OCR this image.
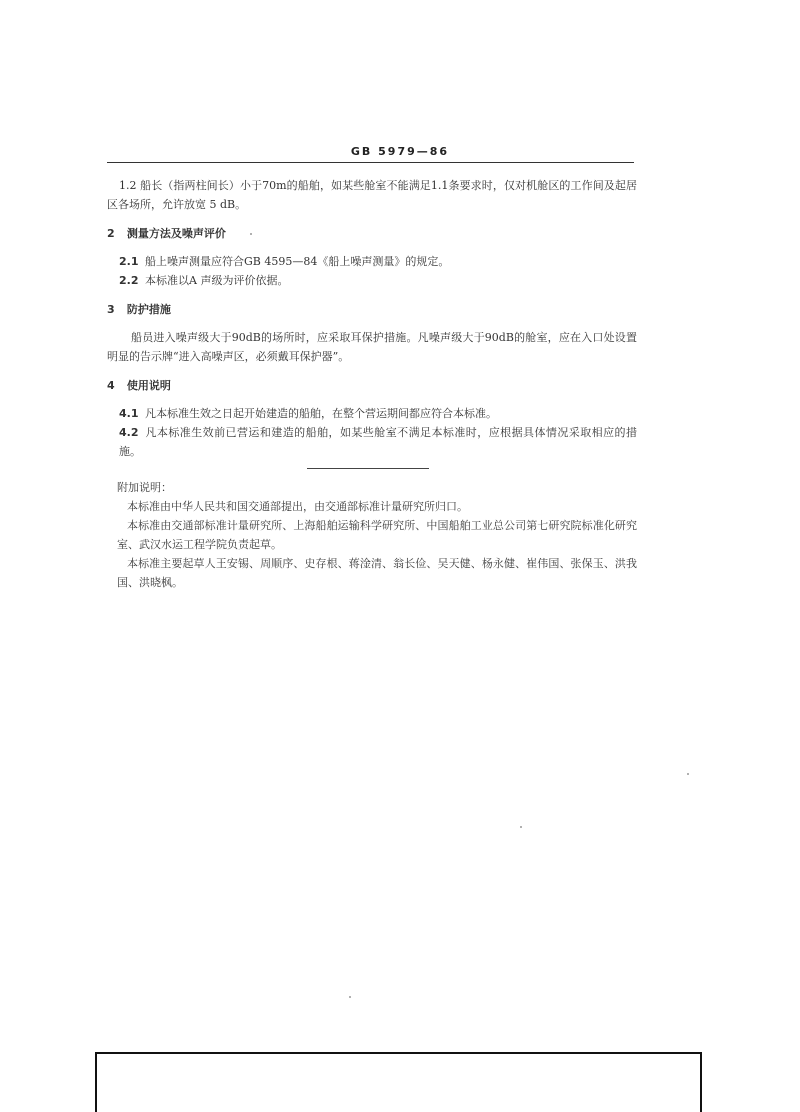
GB 5979—86

1.2 船长（指两柱间长）小于70m的船舶，如某些舱室不能满足1.1条要求时，仅对机舱区的工作间及起居区各场所，允许放宽 5 dB。

2 测量方法及噪声评价

2.1 船上噪声测量应符合GB 4595—84《船上噪声测量》的规定。

2.2 本标准以A 声级为评价依据。

3 防护措施

船员进入噪声级大于90dB的场所时，应采取耳保护措施。凡噪声级大于90dB的舱室，应在入口处设置明显的告示牌“进入高噪声区，必须戴耳保护器”。

4 使用说明

4.1 凡本标准生效之日起开始建造的船舶，在整个营运期间都应符合本标准。

4.2 凡本标准生效前已营运和建造的船舶，如某些舱室不满足本标准时，应根据具体情况采取相应的措施。

附加说明：

本标准由中华人民共和国交通部提出，由交通部标准计量研究所归口。

本标准由交通部标准计量研究所、上海船舶运输科学研究所、中国船舶工业总公司第七研究院标准化研究室、武汉水运工程学院负责起草。

本标准主要起草人王安锡、周顺序、史存根、蒋淦清、翁长俭、吴天健、杨永健、崔伟国、张保玉、洪我国、洪晓枫。
